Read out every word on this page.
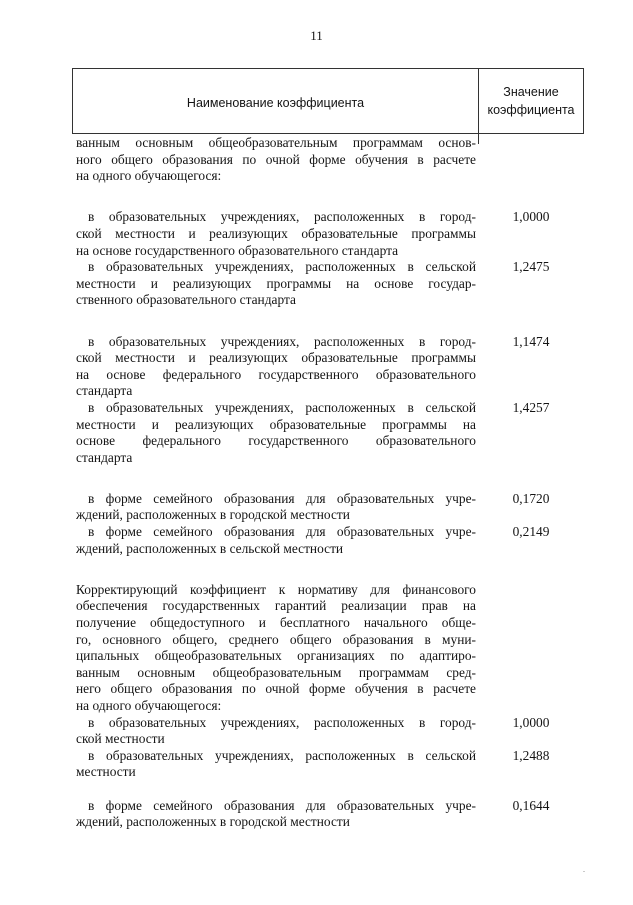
11
Наименование коэффициента
Значение
коэффициента
ванным основным общеобразовательным программам основ-
ного общего образования по очной форме обучения в расчете
на одного обучающегося:
в образовательных учреждениях, расположенных в город-
ской местности и реализующих образовательные программы
на основе государственного образовательного стандарта
в образовательных учреждениях, расположенных в сельской
местности и реализующих программы на основе государ-
ственного образовательного стандарта
в образовательных учреждениях, расположенных в город-
ской местности и реализующих образовательные программы
на основе федерального государственного образовательного
стандарта
в образовательных учреждениях, расположенных в сельской
местности и реализующих образовательные программы на
основе федерального государственного образовательного
стандарта
в форме семейного образования для образовательных учре-
ждений, расположенных в городской местности
в форме семейного образования для образовательных учре-
ждений, расположенных в сельской местности
Корректирующий коэффициент к нормативу для финансового
обеспечения государственных гарантий реализации прав на
получение общедоступного и бесплатного начального обще-
го, основного общего, среднего общего образования в муни-
ципальных общеобразовательных организациях по адаптиро-
ванным основным общеобразовательным программам сред-
него общего образования по очной форме обучения в расчете
на одного обучающегося:
в образовательных учреждениях, расположенных в город-
ской местности
в образовательных учреждениях, расположенных в сельской
местности
в форме семейного образования для образовательных учре-
ждений, расположенных в городской местности
1,0000
1,2475
1,1474
1,4257
0,1720
0,2149
1,0000
1,2488
0,1644
.
